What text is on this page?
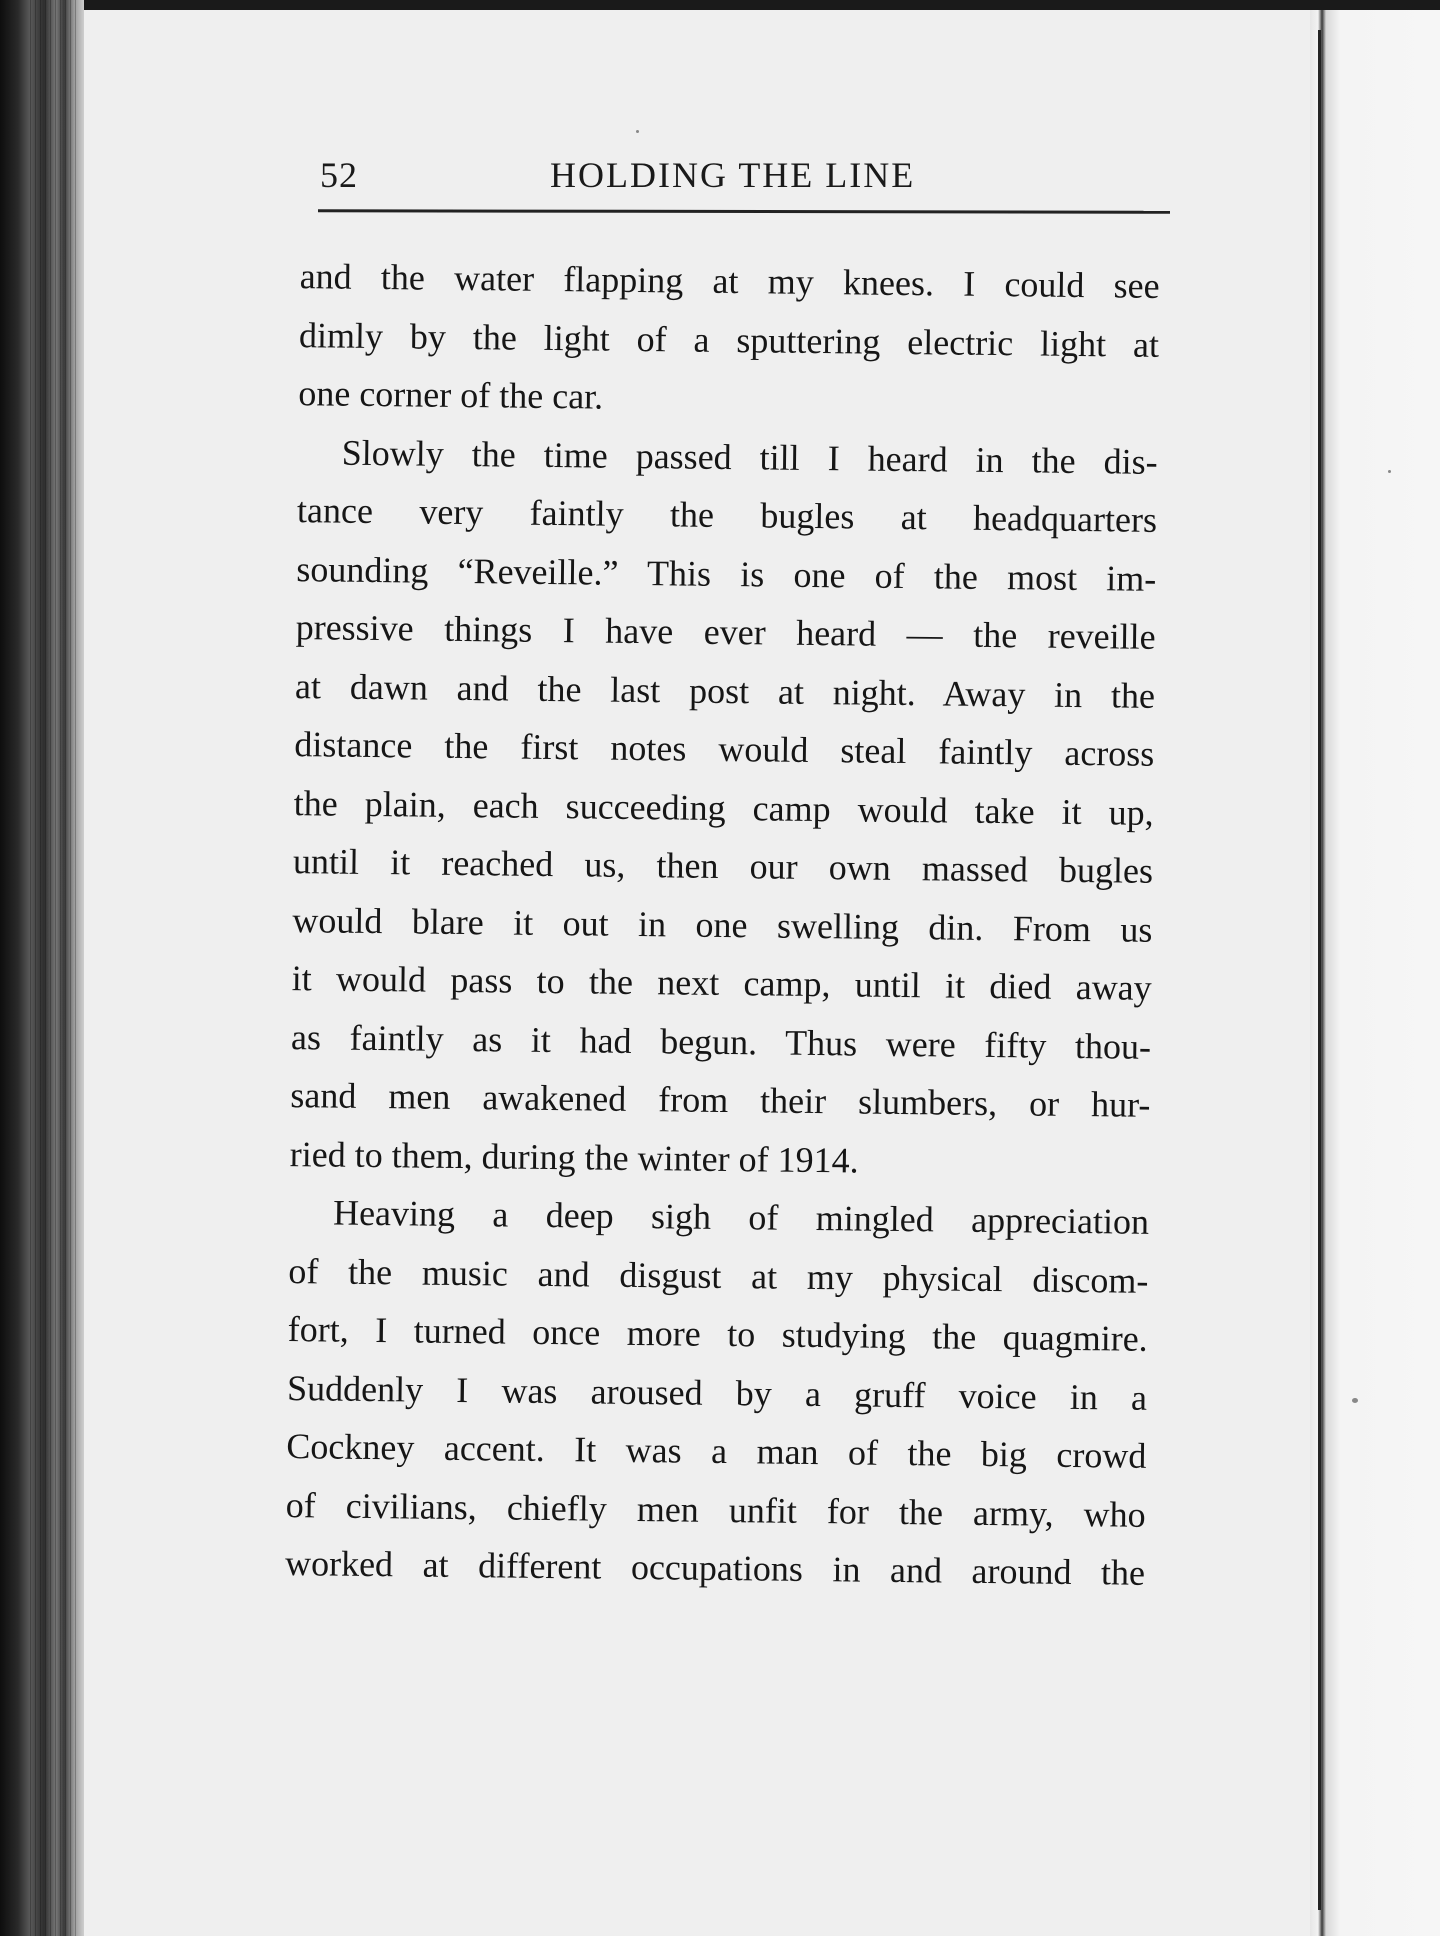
52	HOLDING THE LINE

and the water flapping at my knees. I could see
dimly by the light of a sputtering electric light at
one corner of the car.

Slowly the time passed till I heard in the dis-
tance very faintly the bugles at headquarters
sounding “Reveille.” This is one of the most im-
pressive things I have ever heard — the reveille
at dawn and the last post at night. Away in the
distance the first notes would steal faintly across
the plain, each succeeding camp would take it up,
until it reached us, then our own massed bugles
would blare it out in one swelling din. From us
it would pass to the next camp, until it died away
as faintly as it had begun. Thus were fifty thou-
sand men awakened from their slumbers, or hur-
ried to them, during the winter of 1914.

Heaving a deep sigh of mingled appreciation
of the music and disgust at my physical discom-
fort, I turned once more to studying the quagmire.
Suddenly I was aroused by a gruff voice in a
Cockney accent. It was a man of the big crowd
of civilians, chiefly men unfit for the army, who
worked at different occupations in and around the
